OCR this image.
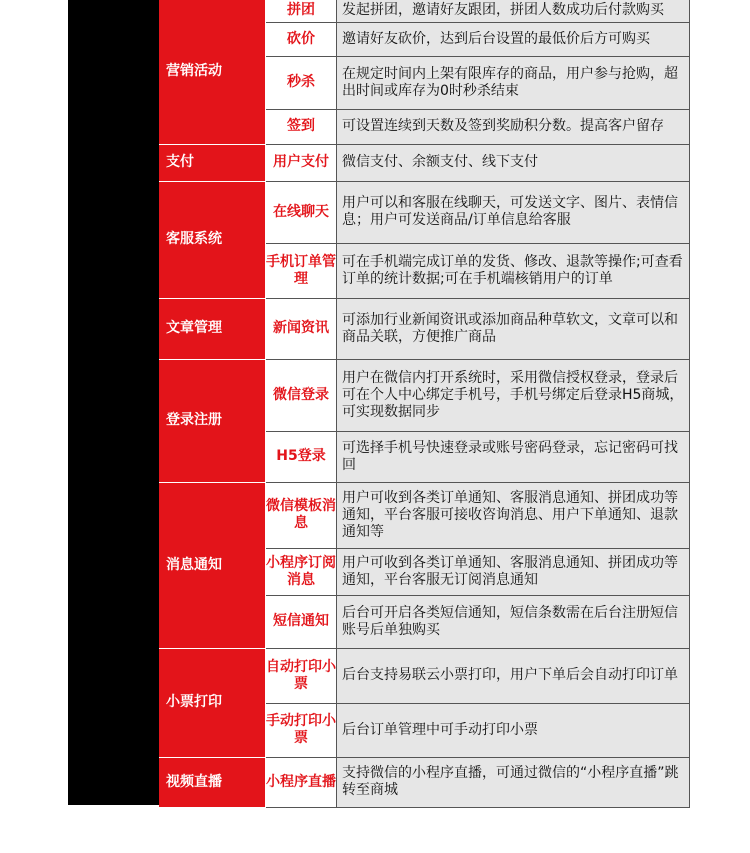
营销活动	拼团	发起拼团，邀请好友跟团，拼团人数成功后付款购买
	砍价	邀请好友砍价，达到后台设置的最低价后方可购买
	秒杀	在规定时间内上架有限库存的商品，用户参与抢购，超出时间或库存为0时秒杀结束
	签到	可设置连续到天数及签到奖励积分数。提高客户留存
支付	用户支付	微信支付、余额支付、线下支付
客服系统	在线聊天	用户可以和客服在线聊天，可发送文字、图片、表情信息；用户可发送商品/订单信息给客服
	手机订单管理	可在手机端完成订单的发货、修改、退款等操作;可查看订单的统计数据;可在手机端核销用户的订单
文章管理	新闻资讯	可添加行业新闻资讯或添加商品种草软文，文章可以和商品关联，方便推广商品
登录注册	微信登录	用户在微信内打开系统时，采用微信授权登录，登录后可在个人中心绑定手机号，手机号绑定后登录H5商城，可实现数据同步
	H5登录	可选择手机号快速登录或账号密码登录，忘记密码可找回
消息通知	微信模板消息	用户可收到各类订单通知、客服消息通知、拼团成功等通知，平台客服可接收咨询消息、用户下单通知、退款通知等
	小程序订阅消息	用户可收到各类订单通知、客服消息通知、拼团成功等通知，平台客服无订阅消息通知
	短信通知	后台可开启各类短信通知，短信条数需在后台注册短信账号后单独购买
小票打印	自动打印小票	后台支持易联云小票打印，用户下单后会自动打印订单
	手动打印小票	后台订单管理中可手动打印小票
视频直播	小程序直播	支持微信的小程序直播，可通过微信的“小程序直播”跳转至商城
